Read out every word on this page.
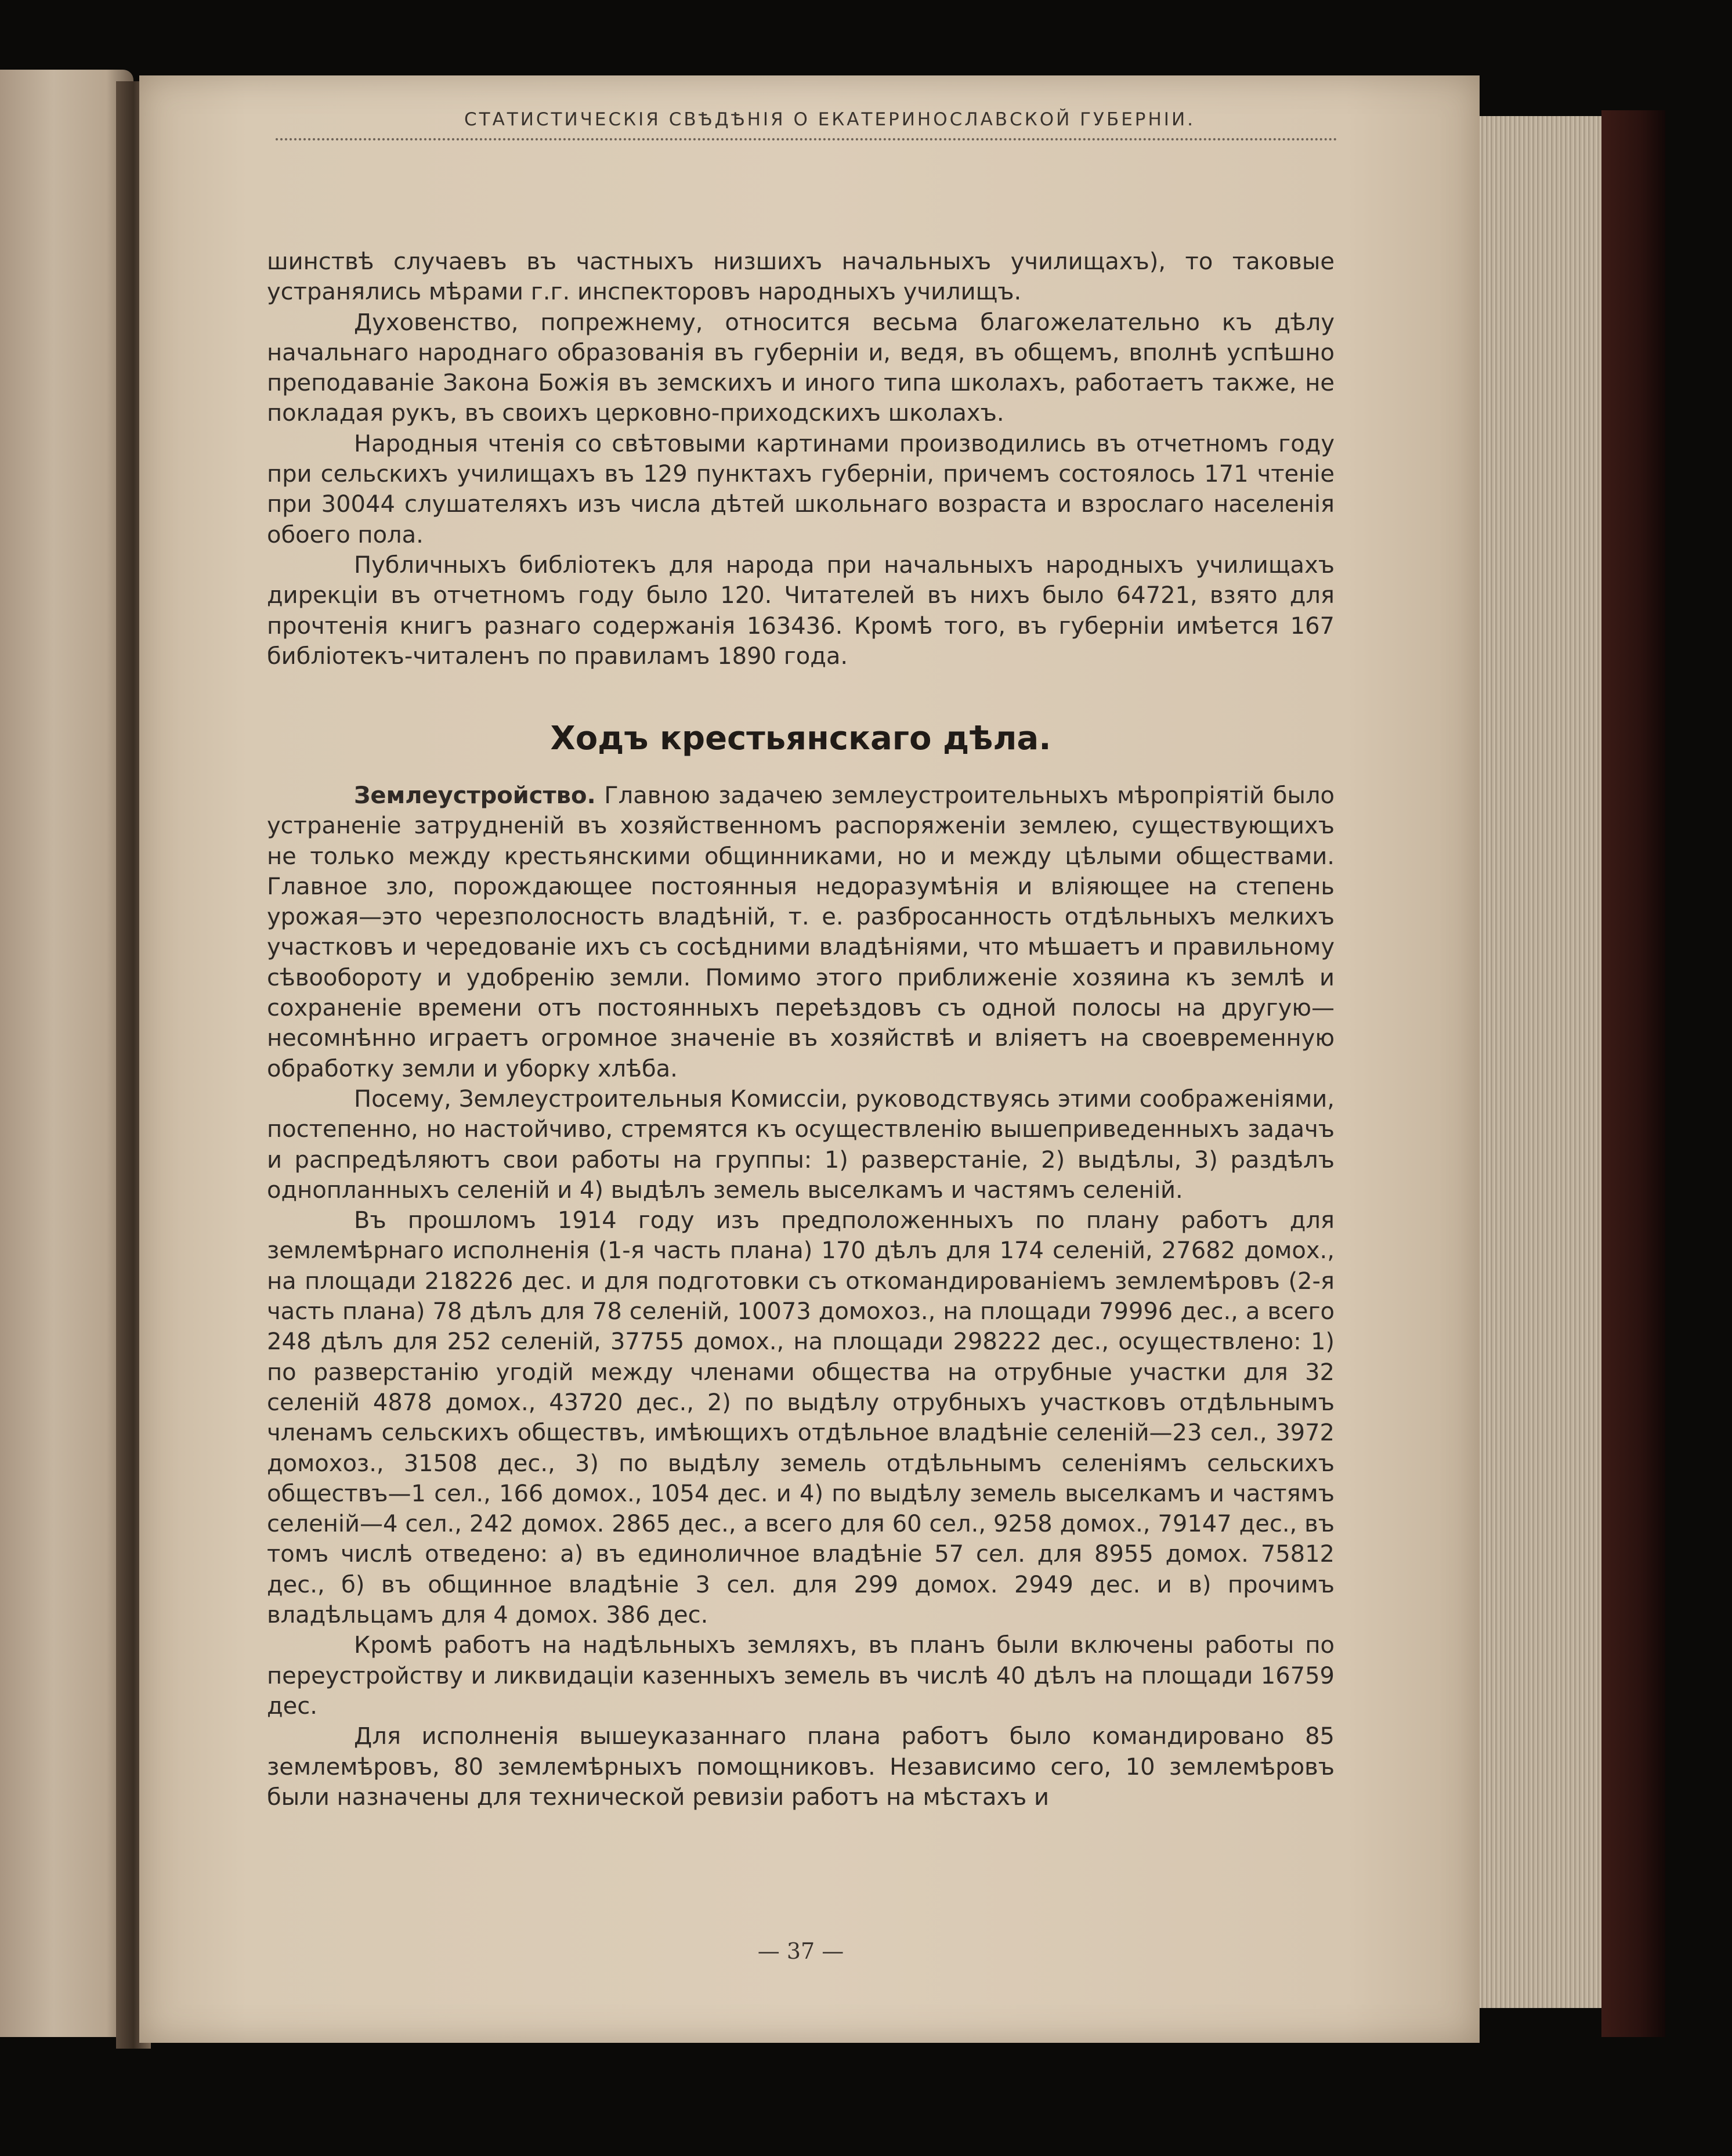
СТАТИСТИЧЕСКІЯ СВѢДѢНІЯ О ЕКАТЕРИНОСЛАВСКОЙ ГУБЕРНІИ.

шинствѣ случаевъ въ частныхъ низшихъ начальныхъ училищахъ), то таковые устранялись мѣрами г.г. инспекторовъ народныхъ училищъ.

Духовенство, попрежнему, относится весьма благожелательно къ дѣлу начальнаго народнаго образованія въ губерніи и, ведя, въ общемъ, вполнѣ успѣшно преподаваніе Закона Божія въ земскихъ и иного типа школахъ, работаетъ также, не покладая рукъ, въ своихъ церковно-приходскихъ школахъ.

Народныя чтенія со свѣтовыми картинами производились въ отчетномъ году при сельскихъ училищахъ въ 129 пунктахъ губерніи, причемъ состоялось 171 чтеніе при 30044 слушателяхъ изъ числа дѣтей школьнаго возраста и взрослаго населенія обоего пола.

Публичныхъ библіотекъ для народа при начальныхъ народныхъ училищахъ дирекціи въ отчетномъ году было 120. Читателей въ нихъ было 64721, взято для прочтенія книгъ разнаго содержанія 163436. Кромѣ того, въ губерніи имѣется 167 библіотекъ-читаленъ по правиламъ 1890 года.

Ходъ крестьянскаго дѣла.

Землеустройство. Главною задачею землеустроительныхъ мѣропріятій было устраненіе затрудненій въ хозяйственномъ распоряженіи землею, существующихъ не только между крестьянскими общинниками, но и между цѣлыми обществами. Главное зло, порождающее постоянныя недоразумѣнія и вліяющее на степень урожая—это черезполосность владѣній, т. е. разбросанность отдѣльныхъ мелкихъ участковъ и чередованіе ихъ съ сосѣдними владѣніями, что мѣшаетъ и правильному сѣвообороту и удобренію земли. Помимо этого приближеніе хозяина къ землѣ и сохраненіе времени отъ постоянныхъ переѣздовъ съ одной полосы на другую—несомнѣнно играетъ огромное значеніе въ хозяйствѣ и вліяетъ на своевременную обработку земли и уборку хлѣба.

Посему, Землеустроительныя Комиссіи, руководствуясь этими соображеніями, постепенно, но настойчиво, стремятся къ осуществленію вышеприведенныхъ задачъ и распредѣляютъ свои работы на группы: 1) разверстаніе, 2) выдѣлы, 3) раздѣлъ однопланныхъ селеній и 4) выдѣлъ земель выселкамъ и частямъ селеній.

Въ прошломъ 1914 году изъ предположенныхъ по плану работъ для землемѣрнаго исполненія (1-я часть плана) 170 дѣлъ для 174 селеній, 27682 домох., на площади 218226 дес. и для подготовки съ откомандированіемъ землемѣровъ (2-я часть плана) 78 дѣлъ для 78 селеній, 10073 домохоз., на площади 79996 дес., а всего 248 дѣлъ для 252 селеній, 37755 домох., на площади 298222 дес., осуществлено: 1) по разверстанію угодій между членами общества на отрубные участки для 32 селеній 4878 домох., 43720 дес., 2) по выдѣлу отрубныхъ участковъ отдѣльнымъ членамъ сельскихъ обществъ, имѣющихъ отдѣльное владѣніе селеній—23 сел., 3972 домохоз., 31508 дес., 3) по выдѣлу земель отдѣльнымъ селеніямъ сельскихъ обществъ—1 сел., 166 домох., 1054 дес. и 4) по выдѣлу земель выселкамъ и частямъ селеній—4 сел., 242 домох. 2865 дес., а всего для 60 сел., 9258 домох., 79147 дес., въ томъ числѣ отведено: а) въ единоличное владѣніе 57 сел. для 8955 домох. 75812 дес., б) въ общинное владѣніе 3 сел. для 299 домох. 2949 дес. и в) прочимъ владѣльцамъ для 4 домох. 386 дес.

Кромѣ работъ на надѣльныхъ земляхъ, въ планъ были включены работы по переустройству и ликвидаціи казенныхъ земель въ числѣ 40 дѣлъ на площади 16759 дес.

Для исполненія вышеуказаннаго плана работъ было командировано 85 землемѣровъ, 80 землемѣрныхъ помощниковъ. Независимо сего, 10 землемѣровъ были назначены для технической ревизіи работъ на мѣстахъ и

— 37 —
